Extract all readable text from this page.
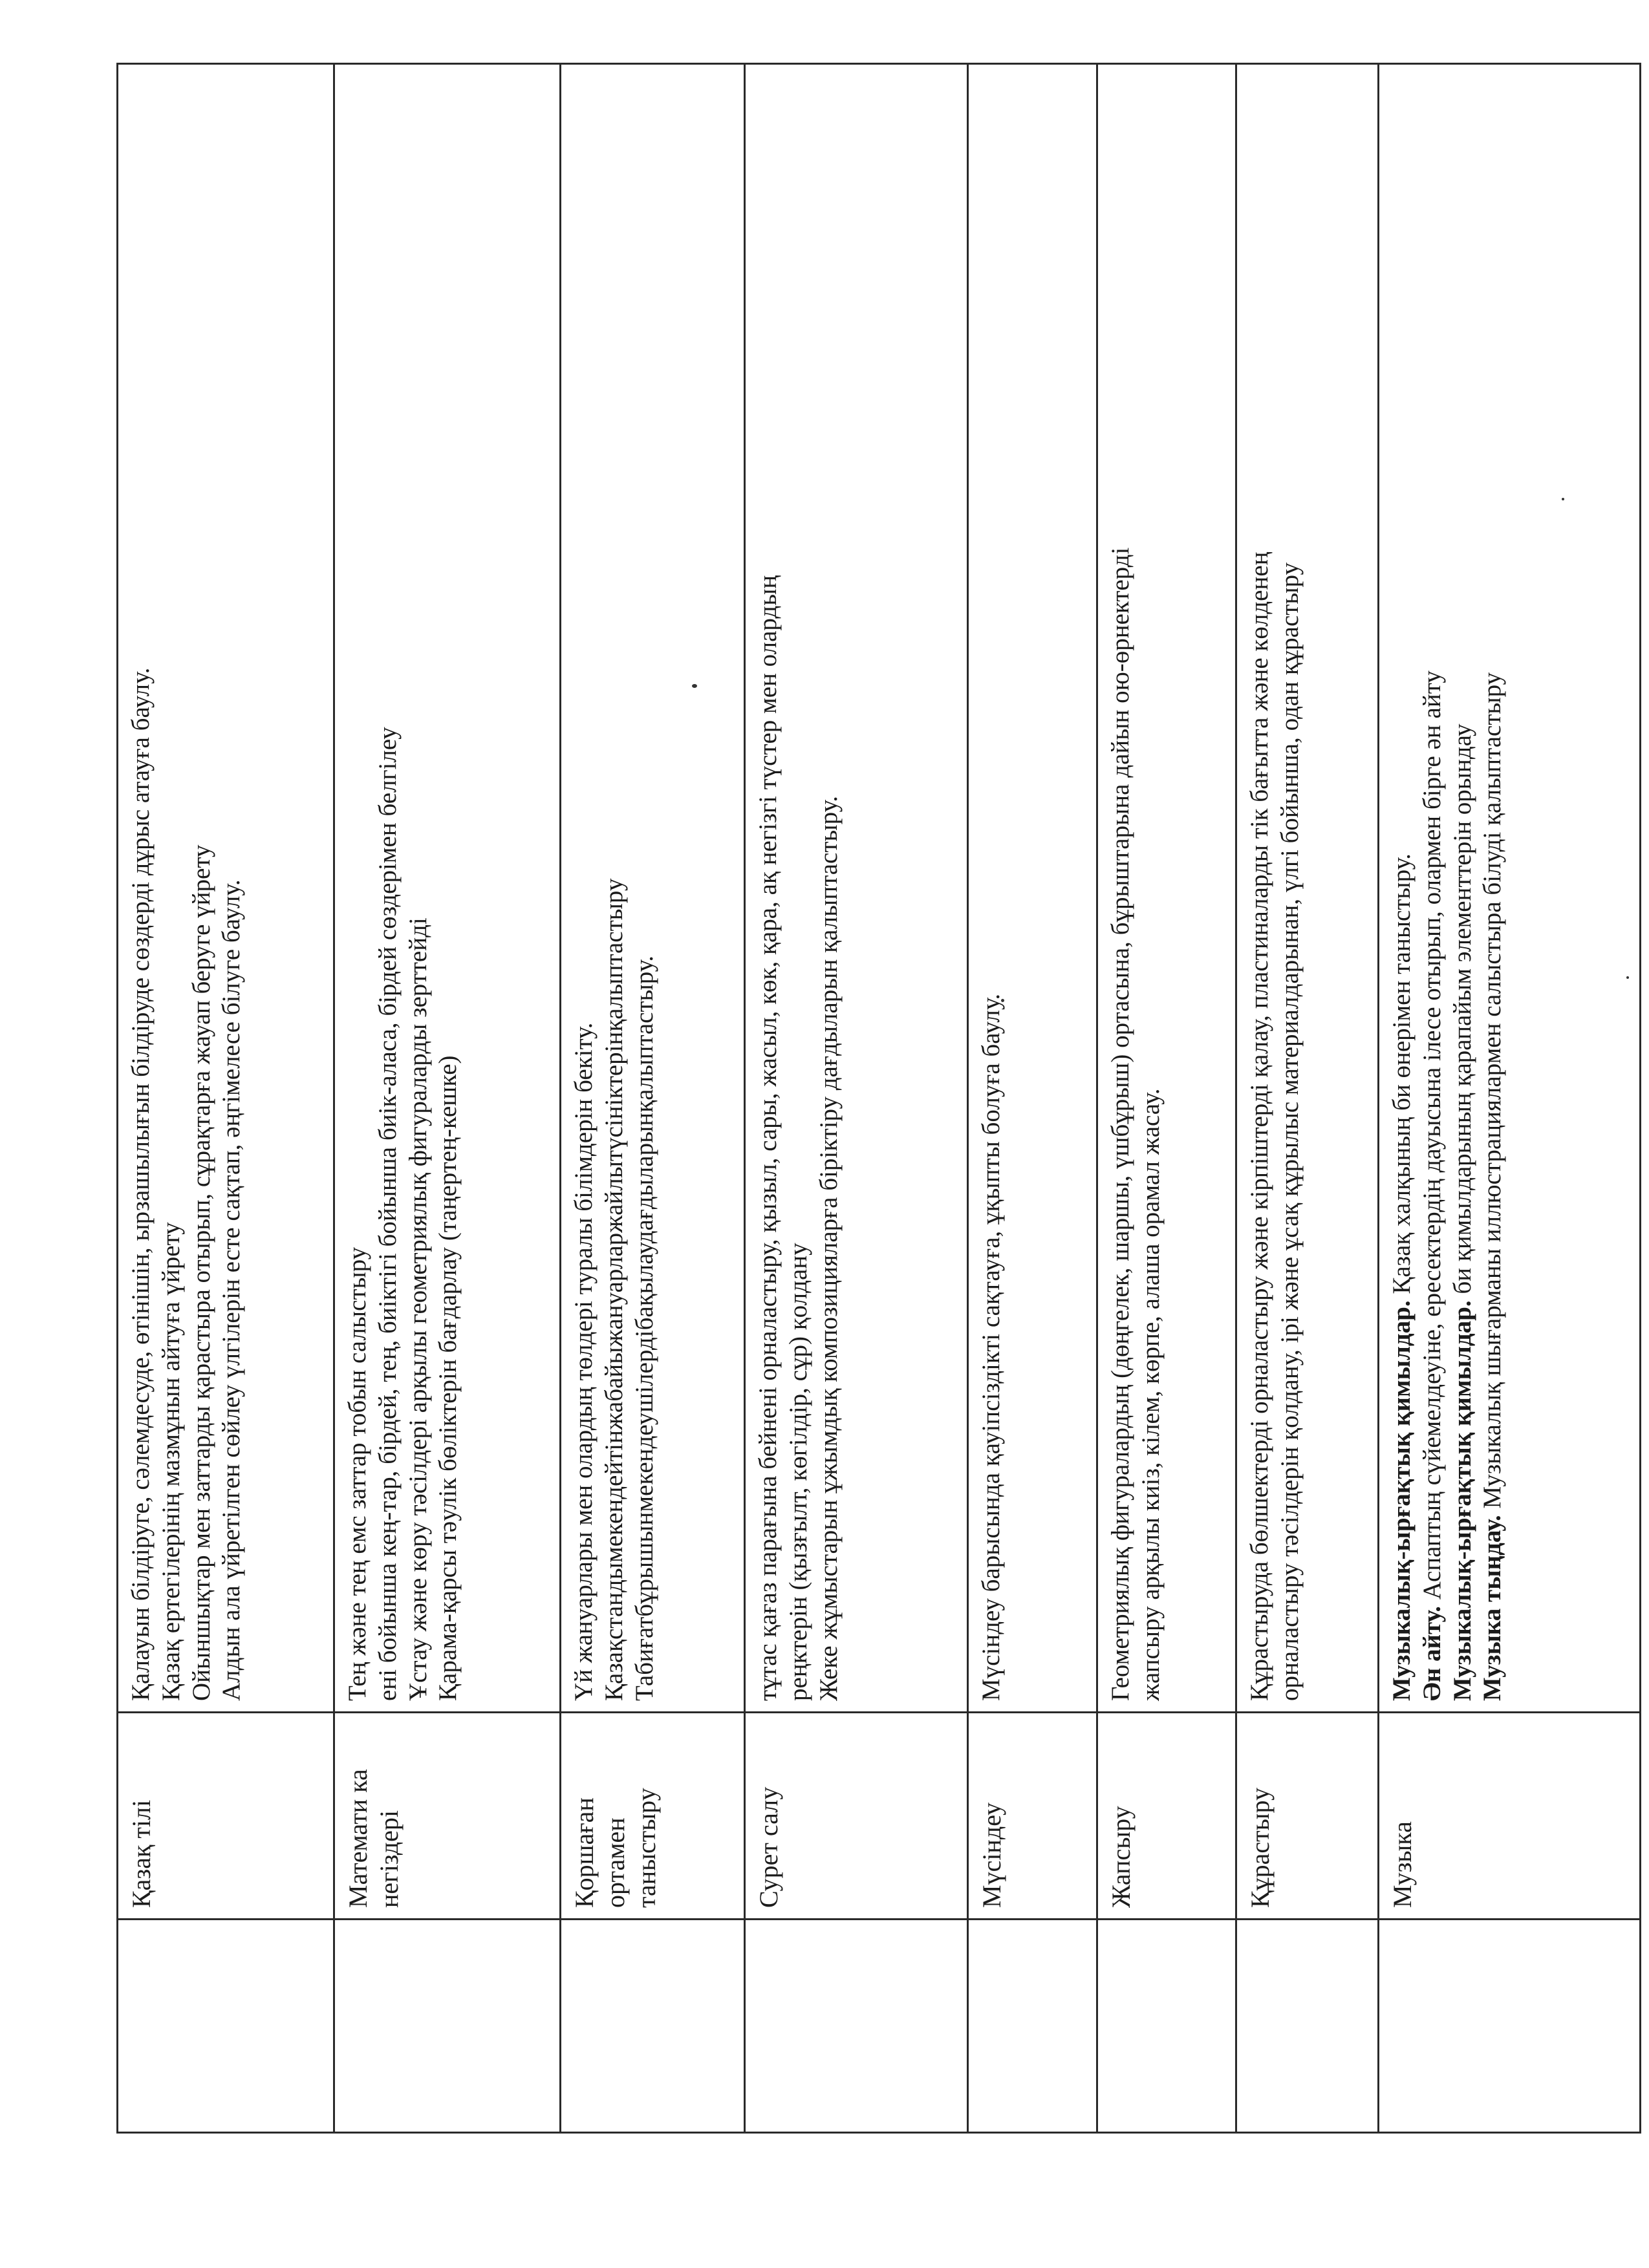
	Қазақ тілі	Қалауын білдіруге, сәлемдесуде, өтінішін, ырзашылығын білдіруде сөздерді дұрыс атауға баулу. Қазақ ертегілерінің мазмұнын айтуға үйрету Ойыншықтар мен заттарды қарастыра отырып, сұрақтарға жауап беруге үйрету Алдын ала үйретілген сөйлеу үлгілерін есте сақтап, әңгімелесе білуге баулу.

	Математи ка негіздері	Тең және тең емс заттар тобын салыстыру ені бойынша кең-тар, бірдей, тең, биіктігі бойынша биік-аласа, бірдей сөздерімен белгілеу Ұстау және көру тәсілдері арқылы геометриялық фигураларды зерттейді Қарама-қарсы тәулік бөліктерін бағдарлау (таңертең-кешке)

	Қоршаған ортамен таныстыру	Үй жануарлары мен олардың төлдері туралы білімдерін бекіту. Қазақстандымекендейтінжабайыжануарларжайлытүсініктерінқалыптастыру Табиғатбұрышынмекендеушілердібақылаудағдыларынқалыптастыру.

	Сурет салу	тұтас қағаз парағына бейнені орналастыру, қызыл, сары, жасыл, көк, қара, ақ негізгі түстер мен олардың реңктерін (қызғылт, көгілдір, сұр) қолдану Жеке жұмыстарын ұжымдық композицияларға біріктіру дағдыларын қалыптастыру.

	Мүсіндеу	Мүсіндеу барысында қауіпсіздікті сақтауға, ұқыпты болуға баулу.

	Жапсыру	Геометриялық фигуралардың (дөңгелек, шаршы, үшбұрыш) ортасына, бұрыштарына дайын ою-өрнектерді жапсыру арқылы киіз, кілем, көрпе, алаша орамал жасау.

	Құрастыру	Құрастыруда бөлшектерді орналастыру және кірпіштерді қалау, пластиналарды тік бағытта және көлденең орналастыру тәсілдерін қолдану, ірі және ұсақ құрылыс материалдарынан, үлгі бойынша, одан құрастыру

	Музыка	Музыкалық-ырғақтық қимылдар. Қазақ халқының би өнерімен таныстыру.
Ән айту. Аспаптың сүйемелдеуіне, ересектердің дауысына ілесе отырып, олармен бірге ән айту Музыкалық-ырғақтық қимылдар. би қимылдарының қарапайым элементтерін орындау
Музыка тыңдау. Музыкалық шығарманы иллюстрациялармен салыстыра білуді қалыптастыру
